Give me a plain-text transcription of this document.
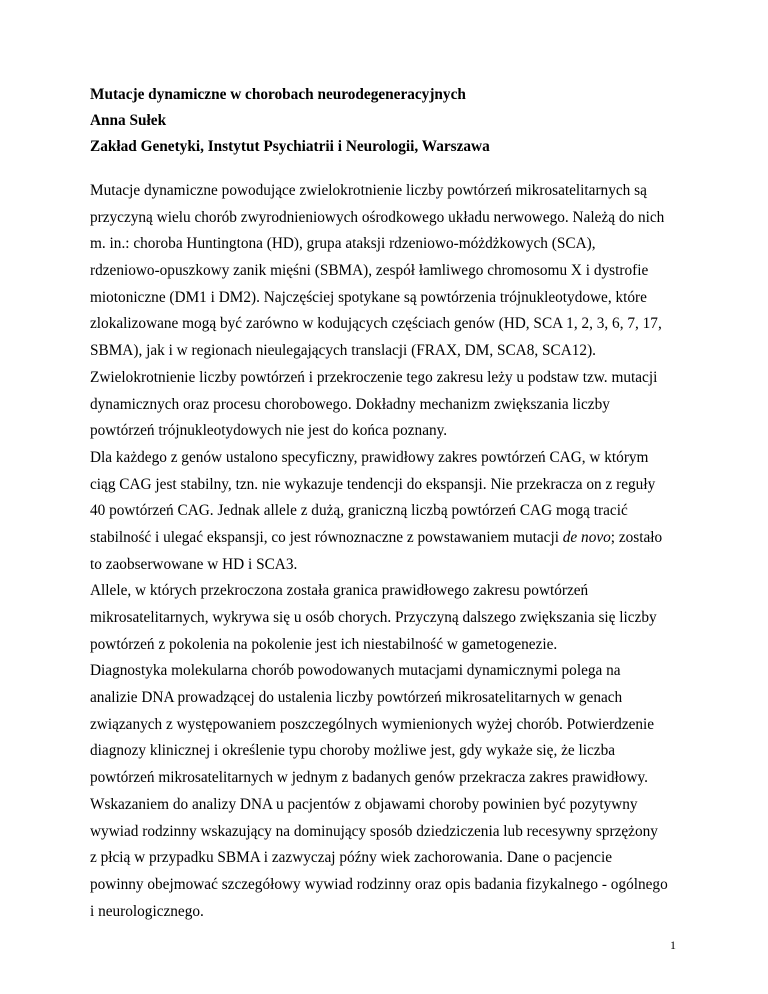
Mutacje dynamiczne w chorobach neurodegeneracyjnych
Anna Sułek
Zakład Genetyki, Instytut Psychiatrii i Neurologii, Warszawa
Mutacje dynamiczne powodujące zwielokrotnienie liczby powtórzeń mikrosatelitarnych są
przyczyną wielu chorób zwyrodnieniowych ośrodkowego układu nerwowego. Należą do nich
m. in.: choroba Huntingtona (HD), grupa ataksji rdzeniowo-móżdżkowych (SCA),
rdzeniowo-opuszkowy zanik mięśni (SBMA), zespół łamliwego chromosomu X i dystrofie
miotoniczne (DM1 i DM2). Najczęściej spotykane są powtórzenia trójnukleotydowe, które
zlokalizowane mogą być zarówno w kodujących częściach genów (HD, SCA 1, 2, 3, 6, 7, 17,
SBMA), jak i w regionach nieulegających translacji (FRAX, DM, SCA8, SCA12).
Zwielokrotnienie liczby powtórzeń i przekroczenie tego zakresu leży u podstaw tzw. mutacji
dynamicznych oraz procesu chorobowego. Dokładny mechanizm zwiększania liczby
powtórzeń trójnukleotydowych nie jest do końca poznany.
Dla każdego z genów ustalono specyficzny, prawidłowy zakres powtórzeń CAG, w którym
ciąg CAG jest stabilny, tzn. nie wykazuje tendencji do ekspansji. Nie przekracza on z reguły
40 powtórzeń CAG. Jednak allele z dużą, graniczną liczbą powtórzeń CAG mogą tracić
stabilność i ulegać ekspansji, co jest równoznaczne z powstawaniem mutacji de novo; zostało
to zaobserwowane w HD i SCA3.
Allele, w których przekroczona została granica prawidłowego zakresu powtórzeń
mikrosatelitarnych, wykrywa się u osób chorych. Przyczyną dalszego zwiększania się liczby
powtórzeń z pokolenia na pokolenie jest ich niestabilność w gametogenezie.
Diagnostyka molekularna chorób powodowanych mutacjami dynamicznymi polega na
analizie DNA prowadzącej do ustalenia liczby powtórzeń mikrosatelitarnych w genach
związanych z występowaniem poszczególnych wymienionych wyżej chorób. Potwierdzenie
diagnozy klinicznej i określenie typu choroby możliwe jest, gdy wykaże się, że liczba
powtórzeń mikrosatelitarnych w jednym z badanych genów przekracza zakres prawidłowy.
Wskazaniem do analizy DNA u pacjentów z objawami choroby powinien być pozytywny
wywiad rodzinny wskazujący na dominujący sposób dziedziczenia lub recesywny sprzężony
z płcią w przypadku SBMA i zazwyczaj późny wiek zachorowania. Dane o pacjencie
powinny obejmować szczegółowy wywiad rodzinny oraz opis badania fizykalnego - ogólnego
i neurologicznego.
1
